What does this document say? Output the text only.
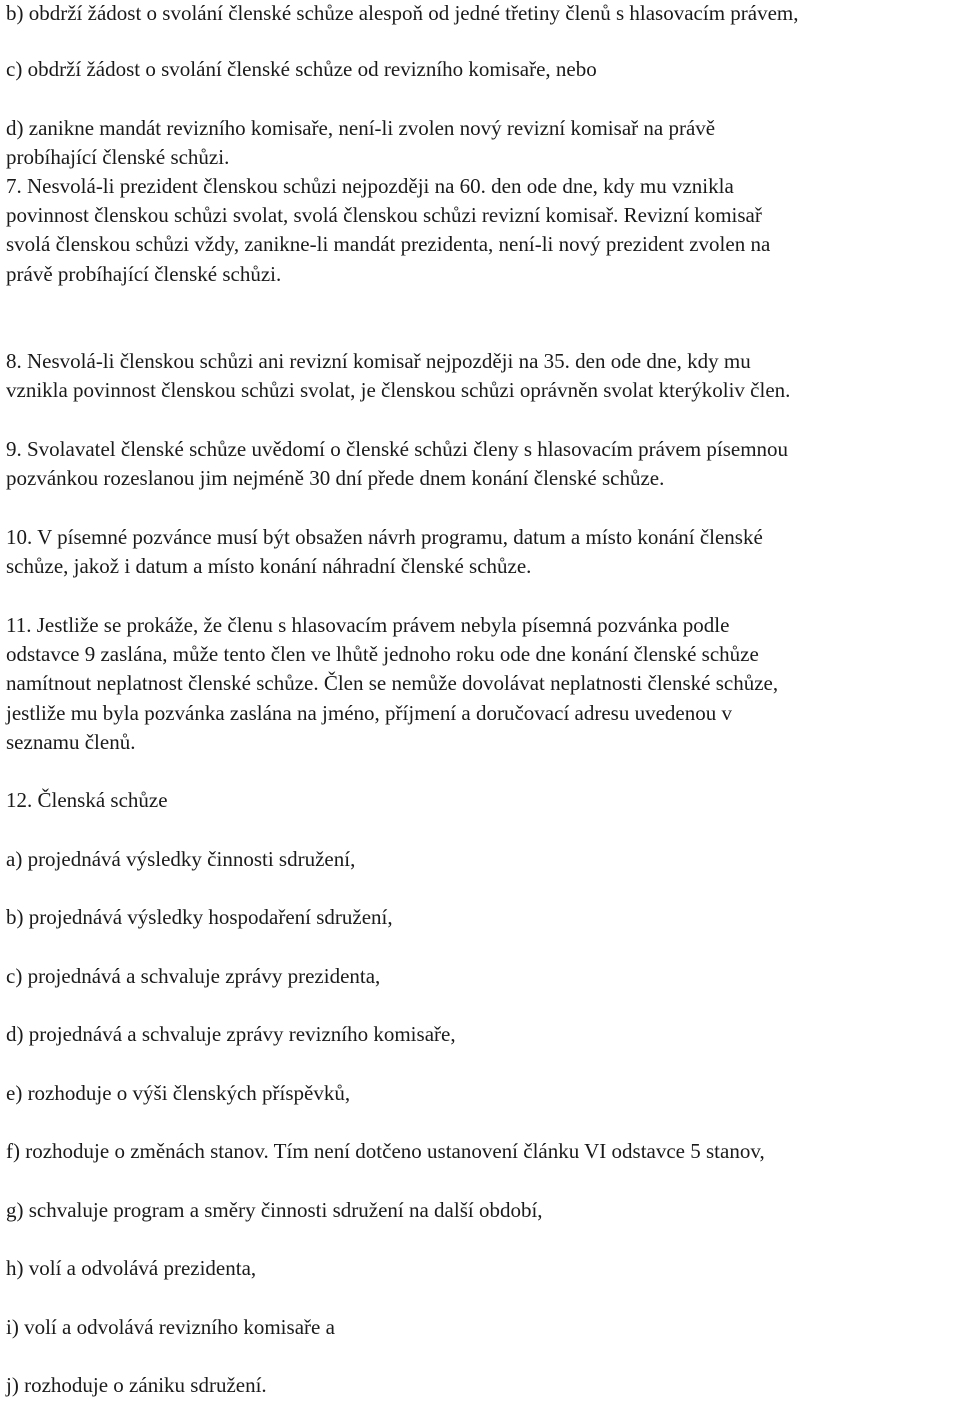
b) obdrží žádost o svolání členské schůze alespoň od jedné třetiny členů s hlasovacím právem,

c) obdrží žádost o svolání členské schůze od revizního komisaře, nebo

d) zanikne mandát revizního komisaře, není-li zvolen nový revizní komisař na právě
probíhající členské schůzi.

7. Nesvolá-li prezident členskou schůzi nejpozději na 60. den ode dne, kdy mu vznikla
povinnost členskou schůzi svolat, svolá členskou schůzi revizní komisař. Revizní komisař
svolá členskou schůzi vždy, zanikne-li mandát prezidenta, není-li nový prezident zvolen na
právě probíhající členské schůzi.

8. Nesvolá-li členskou schůzi ani revizní komisař nejpozději na 35. den ode dne, kdy mu
vznikla povinnost členskou schůzi svolat, je členskou schůzi oprávněn svolat kterýkoliv člen.

9. Svolavatel členské schůze uvědomí o členské schůzi členy s hlasovacím právem písemnou
pozvánkou rozeslanou jim nejméně 30 dní přede dnem konání členské schůze.

10. V písemné pozvánce musí být obsažen návrh programu, datum a místo konání členské
schůze, jakož i datum a místo konání náhradní členské schůze.

11. Jestliže se prokáže, že členu s hlasovacím právem nebyla písemná pozvánka podle
odstavce 9 zaslána, může tento člen ve lhůtě jednoho roku ode dne konání členské schůze
namítnout neplatnost členské schůze. Člen se nemůže dovolávat neplatnosti členské schůze,
jestliže mu byla pozvánka zaslána na jméno, příjmení a doručovací adresu uvedenou v
seznamu členů.

12. Členská schůze

a) projednává výsledky činnosti sdružení,

b) projednává výsledky hospodaření sdružení,

c) projednává a schvaluje zprávy prezidenta,

d) projednává a schvaluje zprávy revizního komisaře,

e) rozhoduje o výši členských příspěvků,

f) rozhoduje o změnách stanov. Tím není dotčeno ustanovení článku VI odstavce 5 stanov,

g) schvaluje program a směry činnosti sdružení na další období,

h) volí a odvolává prezidenta,

i) volí a odvolává revizního komisaře a

j) rozhoduje o zániku sdružení.
